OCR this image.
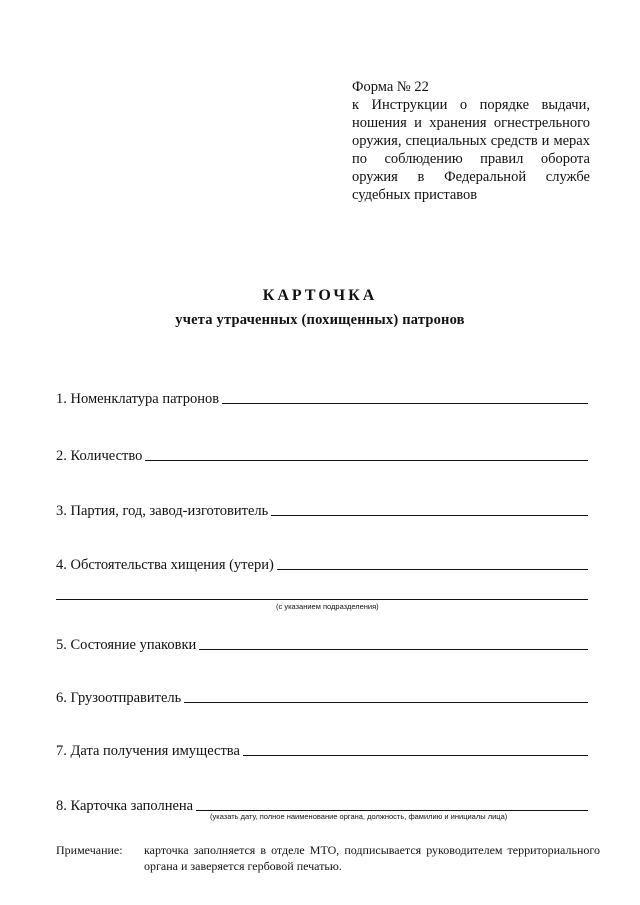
Форма № 22
к Инструкции о порядке выдачи, ношения и хранения огнестрельного оружия, специальных средств и мерах по соблюдению правил оборота оружия в Федеральной службе судебных приставов
КАРТОЧКА
учета утраченных (похищенных) патронов
1. Номенклатура патронов
2. Количество
3. Партия, год, завод-изготовитель
4. Обстоятельства хищения (утери)
(с указанием подразделения)
5. Состояние упаковки
6. Грузоотправитель
7. Дата получения имущества
8. Карточка заполнена
(указать дату, полное наименование органа, должность, фамилию и инициалы лица)
Примечание:	карточка заполняется в отделе МТО, подписывается руководителем территориального органа и заверяется гербовой печатью.
